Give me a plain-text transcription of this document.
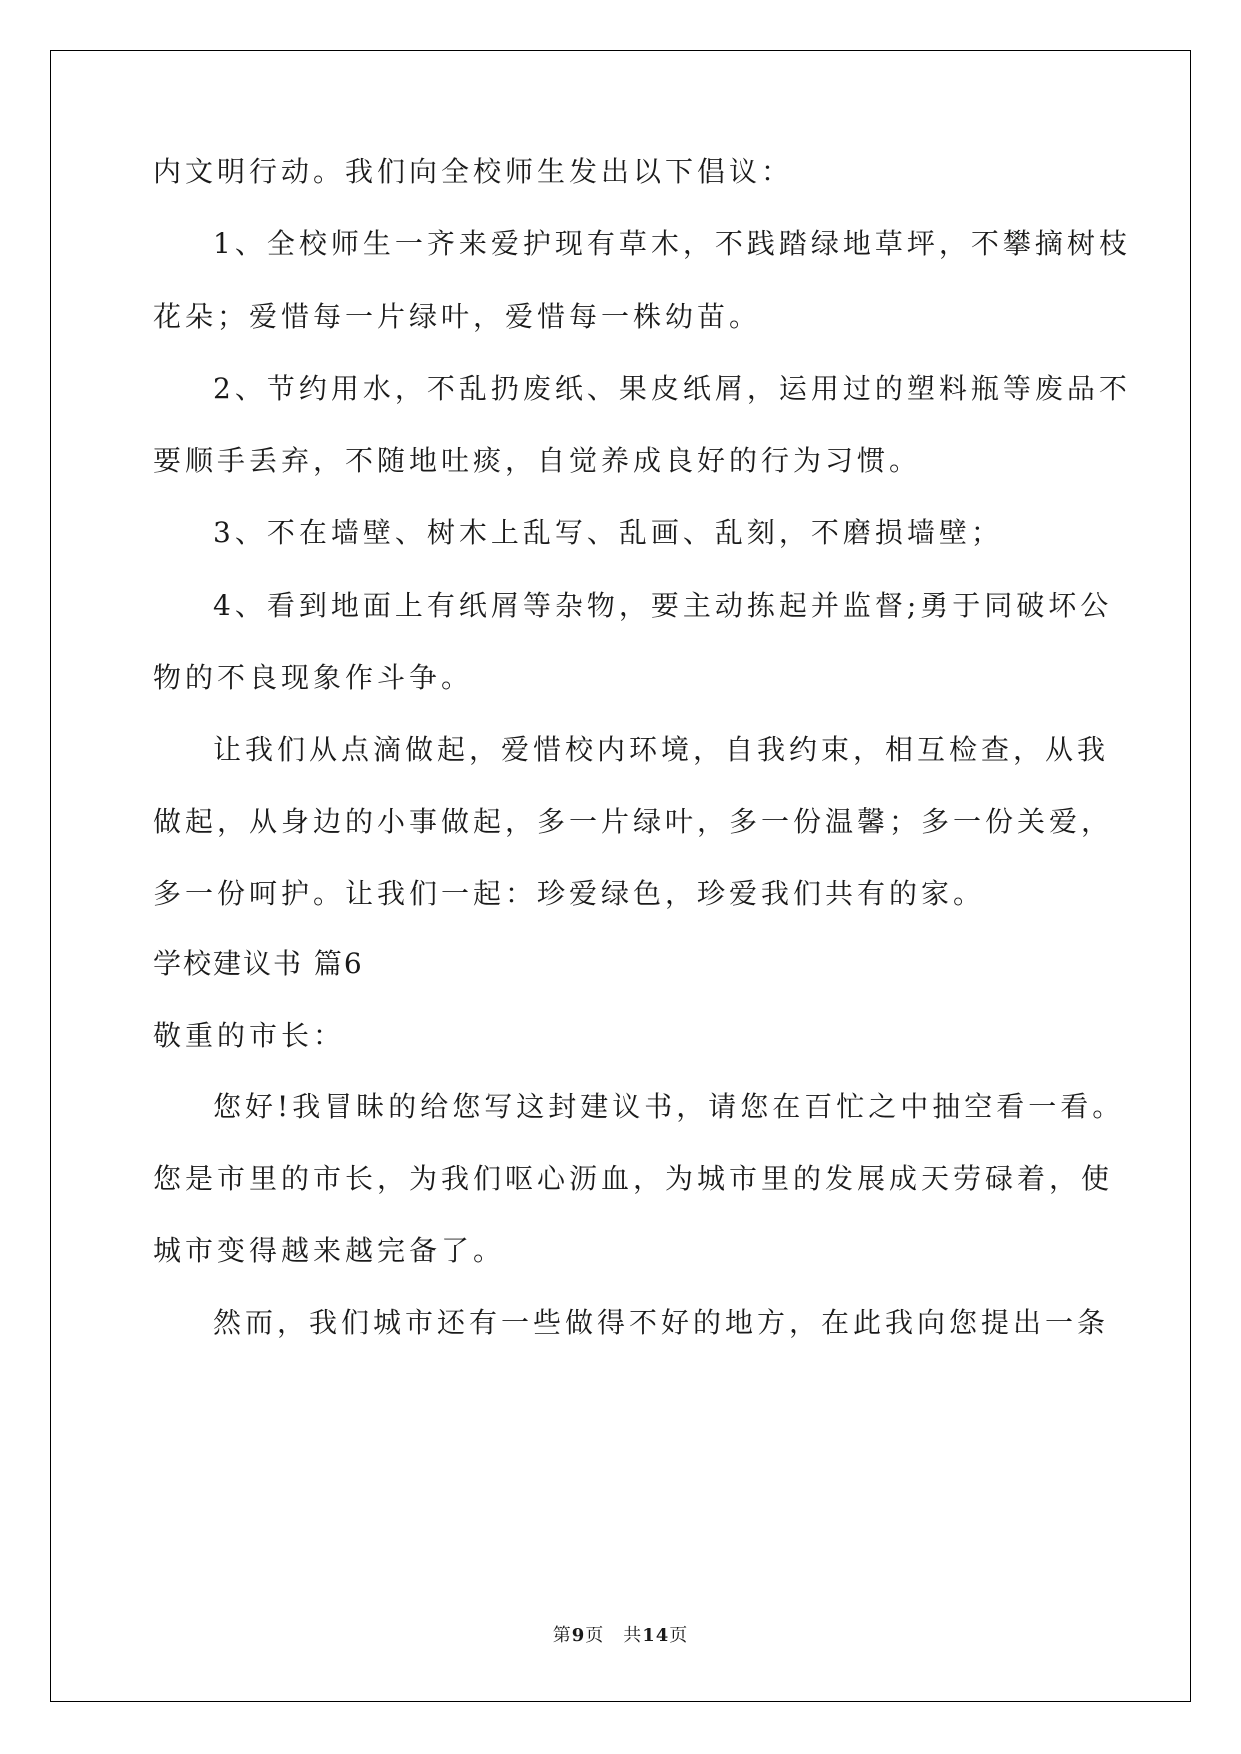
内文明行动。我们向全校师生发出以下倡议：

1、全校师生一齐来爱护现有草木，不践踏绿地草坪，不攀摘树枝

花朵；爱惜每一片绿叶，爱惜每一株幼苗。

2、节约用水，不乱扔废纸、果皮纸屑，运用过的塑料瓶等废品不

要顺手丢弃，不随地吐痰，自觉养成良好的行为习惯。

3、不在墙壁、树木上乱写、乱画、乱刻，不磨损墙壁；

4、看到地面上有纸屑等杂物，要主动拣起并监督;勇于同破坏公

物的不良现象作斗争。

让我们从点滴做起，爱惜校内环境，自我约束，相互检查，从我

做起，从身边的小事做起，多一片绿叶，多一份温馨；多一份关爱，

多一份呵护。让我们一起：珍爱绿色，珍爱我们共有的家。

学校建议书 篇6

敬重的市长：

您好!我冒昧的给您写这封建议书，请您在百忙之中抽空看一看。

您是市里的市长，为我们呕心沥血，为城市里的发展成天劳碌着，使

城市变得越来越完备了。

然而，我们城市还有一些做得不好的地方，在此我向您提出一条

第9页　共14页
